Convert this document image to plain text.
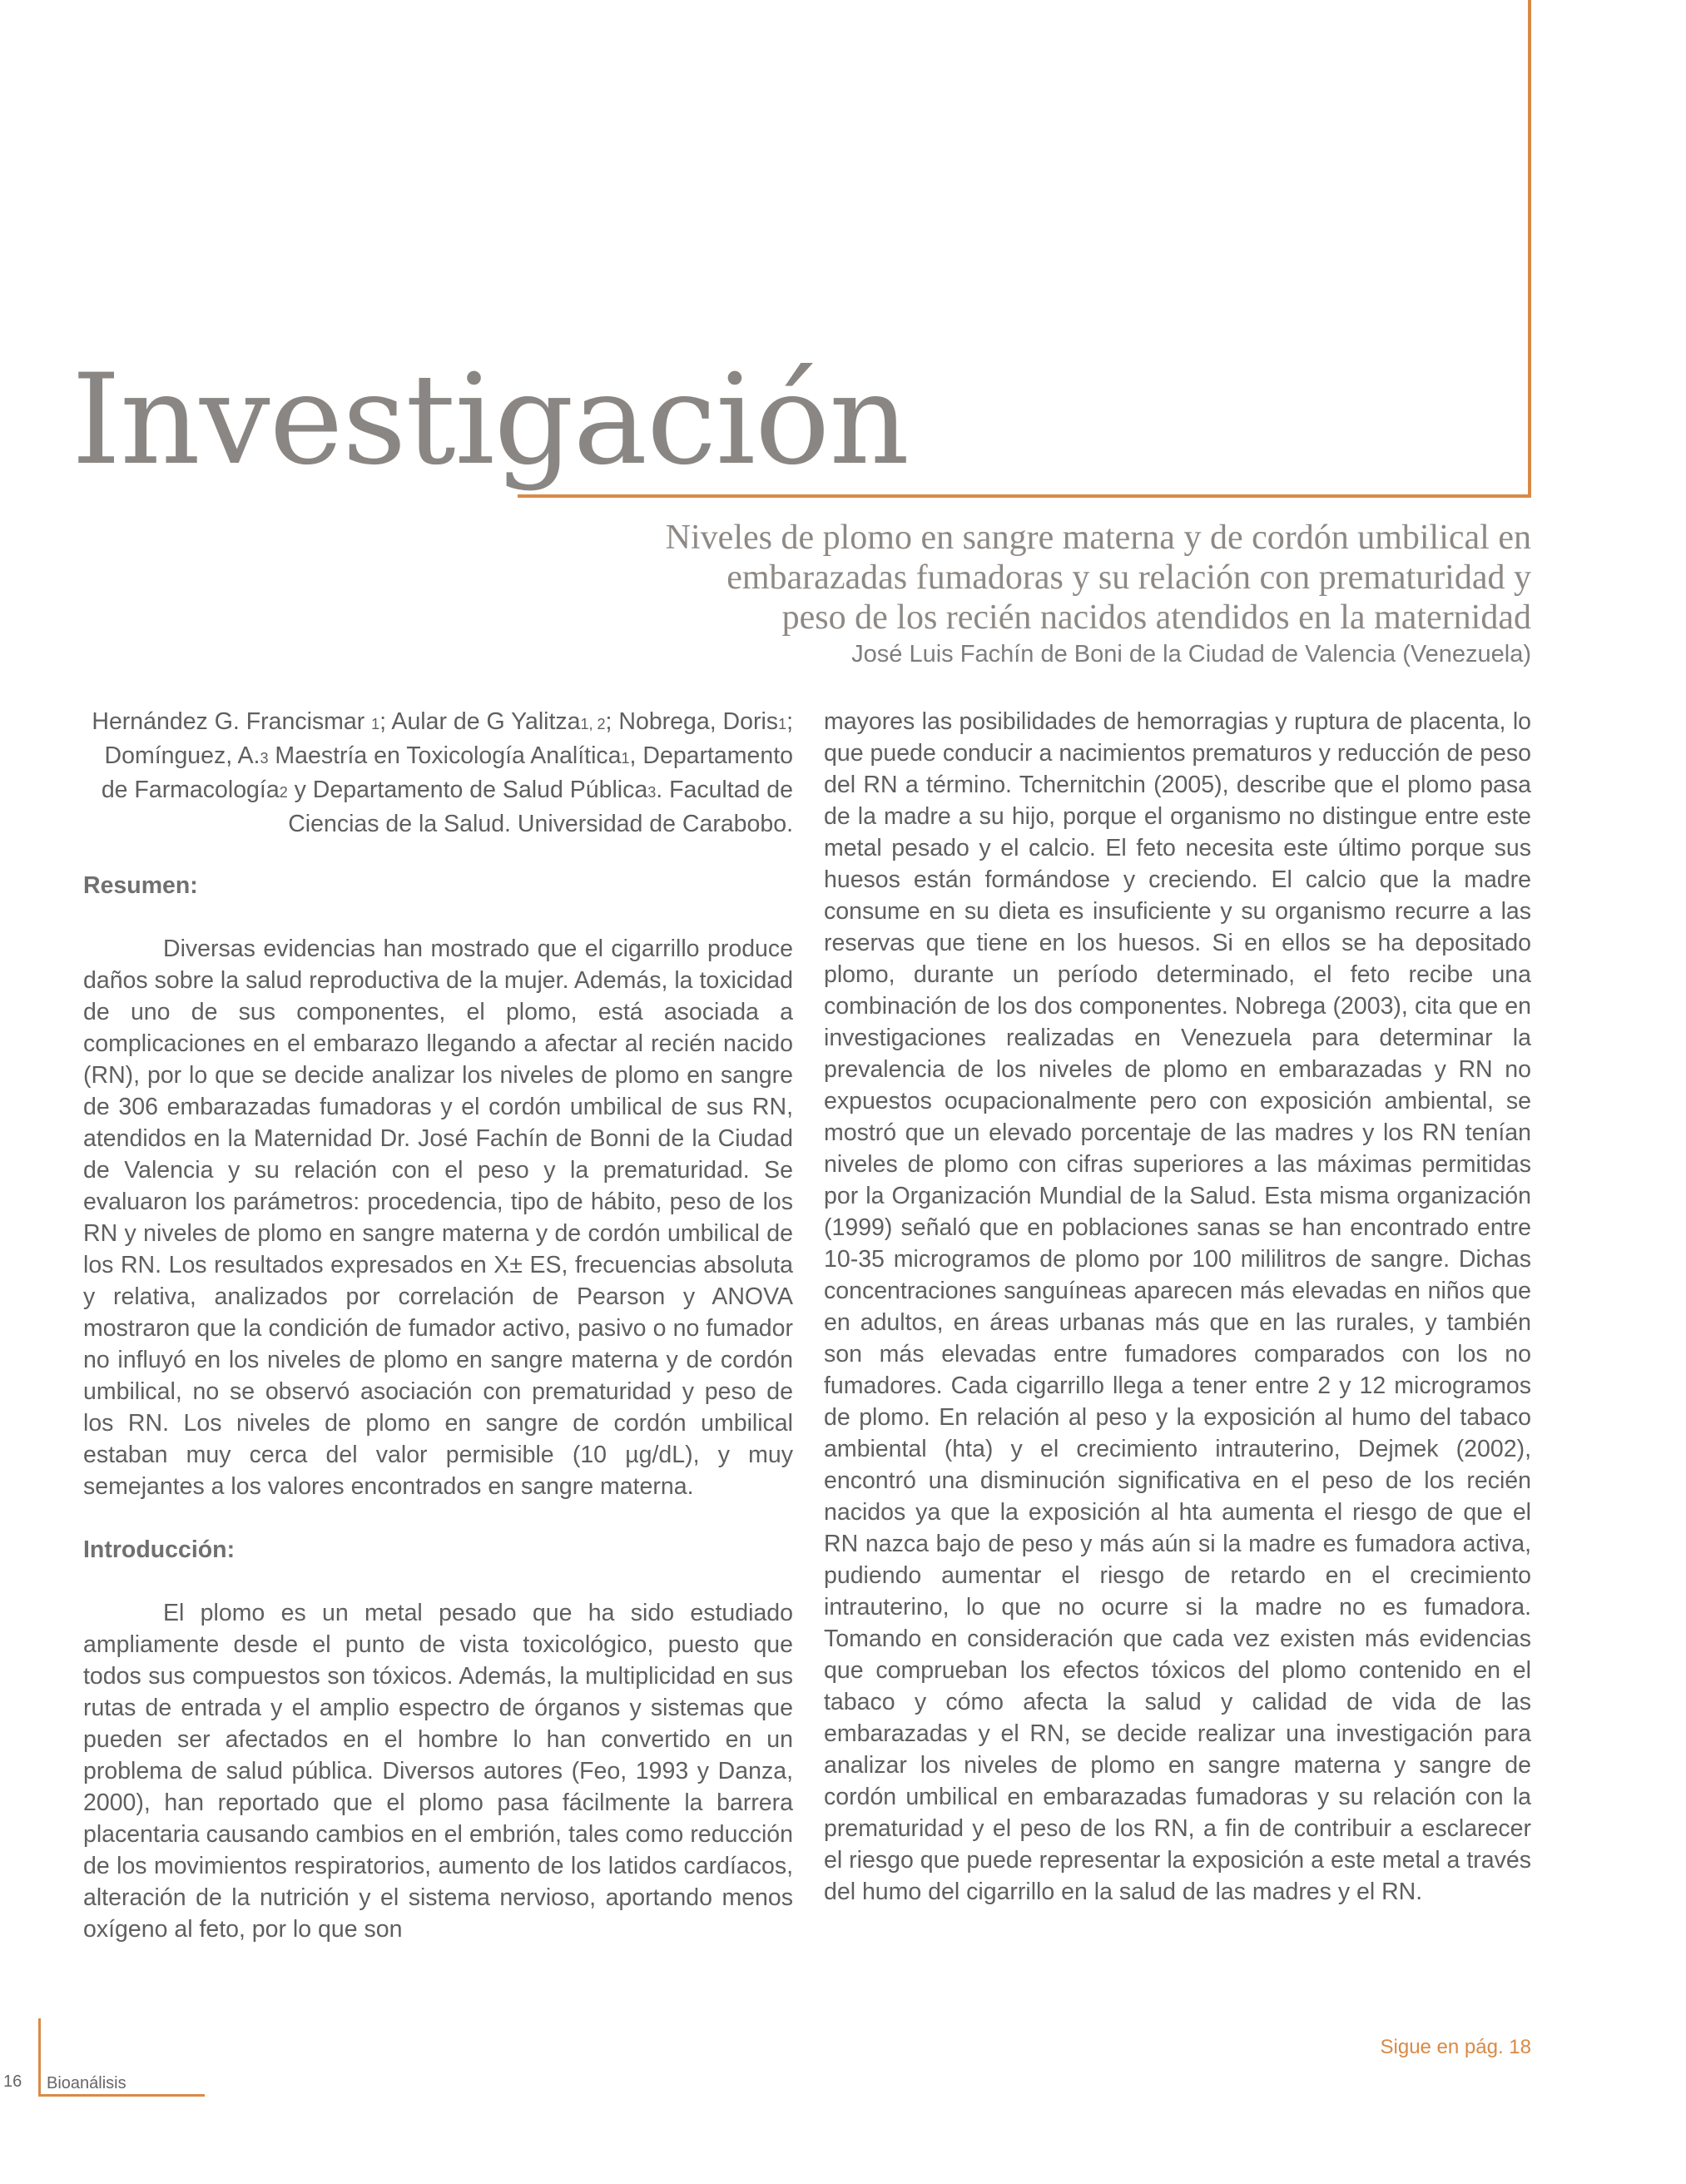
Investigación
Niveles de plomo en sangre materna y de cordón umbilical en
embarazadas fumadoras y su relación con prematuridad y
peso de los recién nacidos atendidos en la maternidad
José Luis Fachín de Boni de la Ciudad de Valencia (Venezuela)

Hernández G. Francismar 1; Aular de G Yalitza1, 2; Nobrega, Doris1; Domínguez, A.3 Maestría en Toxicología Analítica1, Departamento de Farmacología2 y Departamento de Salud Pública3. Facultad de Ciencias de la Salud. Universidad de Carabobo.

Resumen:

Diversas evidencias han mostrado que el cigarrillo produce daños sobre la salud reproductiva de la mujer. Además, la toxicidad de uno de sus componentes, el plomo, está asociada a complicaciones en el embarazo llegando a afectar al recién nacido (RN), por lo que se decide analizar los niveles de plomo en sangre de 306 embarazadas fumadoras y el cordón umbilical de sus RN, atendidos en la Maternidad Dr. José Fachín de Bonni de la Ciudad de Valencia y su relación con el peso y la prematuridad. Se evaluaron los parámetros: procedencia, tipo de hábito, peso de los RN y niveles de plomo en sangre materna y de cordón umbilical de los RN. Los resultados expresados en X± ES, frecuencias absoluta y relativa, analizados por correlación de Pearson y ANOVA mostraron que la condición de fumador activo, pasivo o no fumador no influyó en los niveles de plomo en sangre materna y de cordón umbilical, no se observó asociación con prematuridad y peso de los RN. Los niveles de plomo en sangre de cordón umbilical estaban muy cerca del valor permisible (10 µg/dL), y muy semejantes a los valores encontrados en sangre materna.

Introducción:

El plomo es un metal pesado que ha sido estudiado ampliamente desde el punto de vista toxicológico, puesto que todos sus compuestos son tóxicos. Además, la multiplicidad en sus rutas de entrada y el amplio espectro de órganos y sistemas que pueden ser afectados en el hombre lo han convertido en un problema de salud pública. Diversos autores (Feo, 1993 y Danza, 2000), han reportado que el plomo pasa fácilmente la barrera placentaria causando cambios en el embrión, tales como reducción de los movimientos respiratorios, aumento de los latidos cardíacos, alteración de la nutrición y el sistema nervioso, aportando menos oxígeno al feto, por lo que son

mayores las posibilidades de hemorragias y ruptura de placenta, lo que puede conducir a nacimientos prematuros y reducción de peso del RN a término. Tchernitchin (2005), describe que el plomo pasa de la madre a su hijo, porque el organismo no distingue entre este metal pesado y el calcio. El feto necesita este último porque sus huesos están formándose y creciendo. El calcio que la madre consume en su dieta es insuficiente y su organismo recurre a las reservas que tiene en los huesos. Si en ellos se ha depositado plomo, durante un período determinado, el feto recibe una combinación de los dos componentes. Nobrega (2003), cita que en investigaciones realizadas en Venezuela para determinar la prevalencia de los niveles de plomo en embarazadas y RN no expuestos ocupacionalmente pero con exposición ambiental, se mostró que un elevado porcentaje de las madres y los RN tenían niveles de plomo con cifras superiores a las máximas permitidas por la Organización Mundial de la Salud. Esta misma organización (1999) señaló que en poblaciones sanas se han encontrado entre 10-35 microgramos de plomo por 100 mililitros de sangre. Dichas concentraciones sanguíneas aparecen más elevadas en niños que en adultos, en áreas urbanas más que en las rurales, y también son más elevadas entre fumadores comparados con los no fumadores. Cada cigarrillo llega a tener entre 2 y 12 microgramos de plomo. En relación al peso y la exposición al humo del tabaco ambiental (hta) y el crecimiento intrauterino, Dejmek (2002), encontró una disminución significativa en el peso de los recién nacidos ya que la exposición al hta aumenta el riesgo de que el RN nazca bajo de peso y más aún si la madre es fumadora activa, pudiendo aumentar el riesgo de retardo en el crecimiento intrauterino, lo que no ocurre si la madre no es fumadora. Tomando en consideración que cada vez existen más evidencias que comprueban los efectos tóxicos del plomo contenido en el tabaco y cómo afecta la salud y calidad de vida de las embarazadas y el RN, se decide realizar una investigación para analizar los niveles de plomo en sangre materna y sangre de cordón umbilical en embarazadas fumadoras y su relación con la prematuridad y el peso de los RN, a fin de contribuir a esclarecer el riesgo que puede representar la exposición a este metal a través del humo del cigarrillo en la salud de las madres y el RN.

Sigue en pág. 18
16 Bioanálisis
